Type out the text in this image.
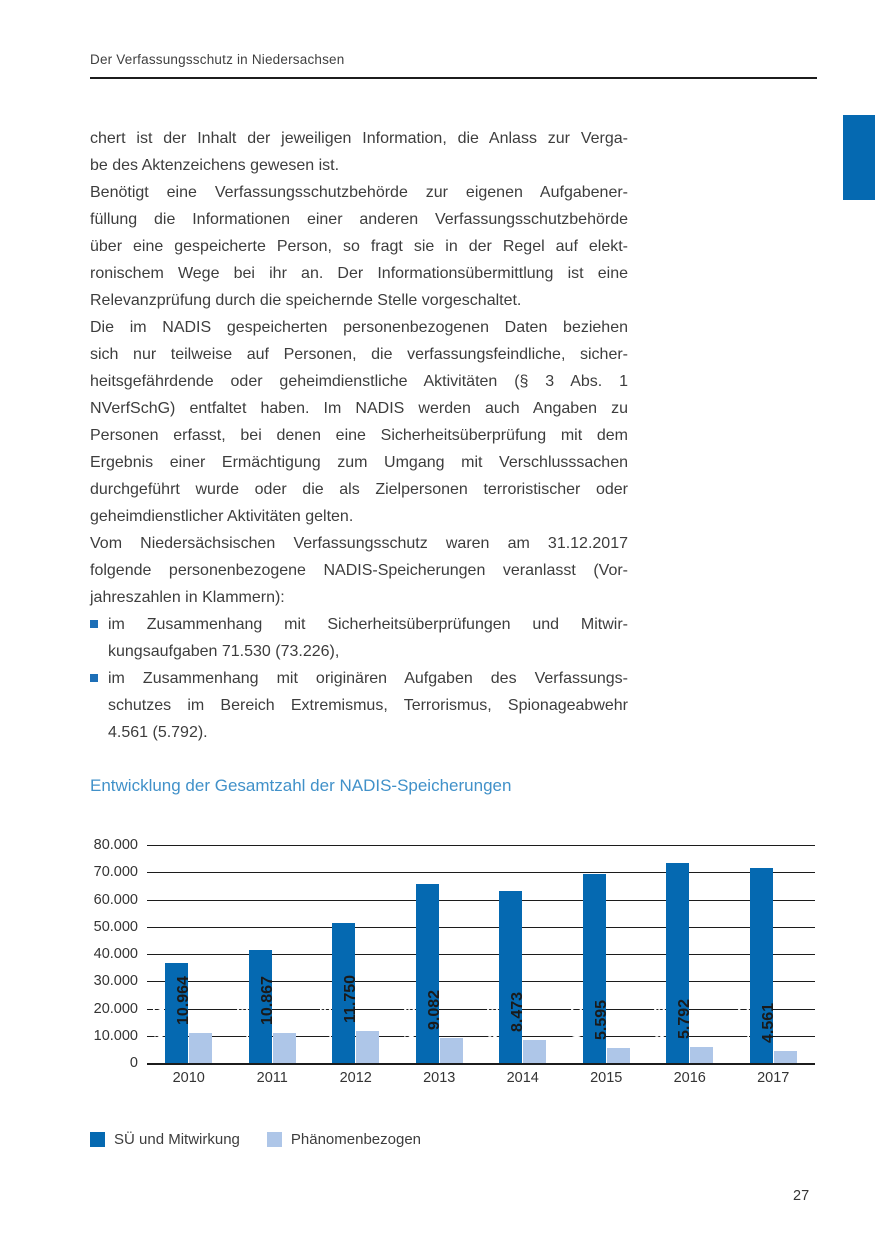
Der Verfassungsschutz in Niedersachsen
chert ist der Inhalt der jeweiligen Information, die Anlass zur Verga-
be des Aktenzeichens gewesen ist.
Benötigt eine Verfassungsschutzbehörde zur eigenen Aufgabener-
füllung die Informationen einer anderen Verfassungsschutzbehörde
über eine gespeicherte Person, so fragt sie in der Regel auf elekt-
ronischem Wege bei ihr an. Der Informationsübermittlung ist eine
Relevanzprüfung durch die speichernde Stelle vorgeschaltet.
Die im NADIS gespeicherten personenbezogenen Daten beziehen
sich nur teilweise auf Personen, die verfassungsfeindliche, sicher-
heitsgefährdende oder geheimdienstliche Aktivitäten (§ 3 Abs. 1
NVerfSchG) entfaltet haben. Im NADIS werden auch Angaben zu
Personen erfasst, bei denen eine Sicherheitsüberprüfung mit dem
Ergebnis einer Ermächtigung zum Umgang mit Verschlusssachen
durchgeführt wurde oder die als Zielpersonen terroristischer oder
geheimdienstlicher Aktivitäten gelten.
Vom Niedersächsischen Verfassungsschutz waren am 31.12.2017
folgende personenbezogene NADIS-Speicherungen veranlasst (Vor-
jahreszahlen in Klammern):
im Zusammenhang mit Sicherheitsüberprüfungen und Mitwir-
kungsaufgaben 71.530 (73.226),
im Zusammenhang mit originären Aufgaben des Verfassungs-
schutzes im Bereich Extremismus, Terrorismus, Spionageabwehr
4.561 (5.792).
Entwicklung der Gesamtzahl der NADIS-Speicherungen
80.000
70.000
60.000
50.000
40.000
30.000
20.000
10.000
0
36.617
10.964
41.583
10.867
51.495
11.750
65.656 9.082	63.093 8.473	69.460 5.595	73.226 5.792	71.530 4.561
2010	2011	2012	2013	2014	2015	2016	2017
SÜ und Mitwirkung	Phänomenbezogen
27
